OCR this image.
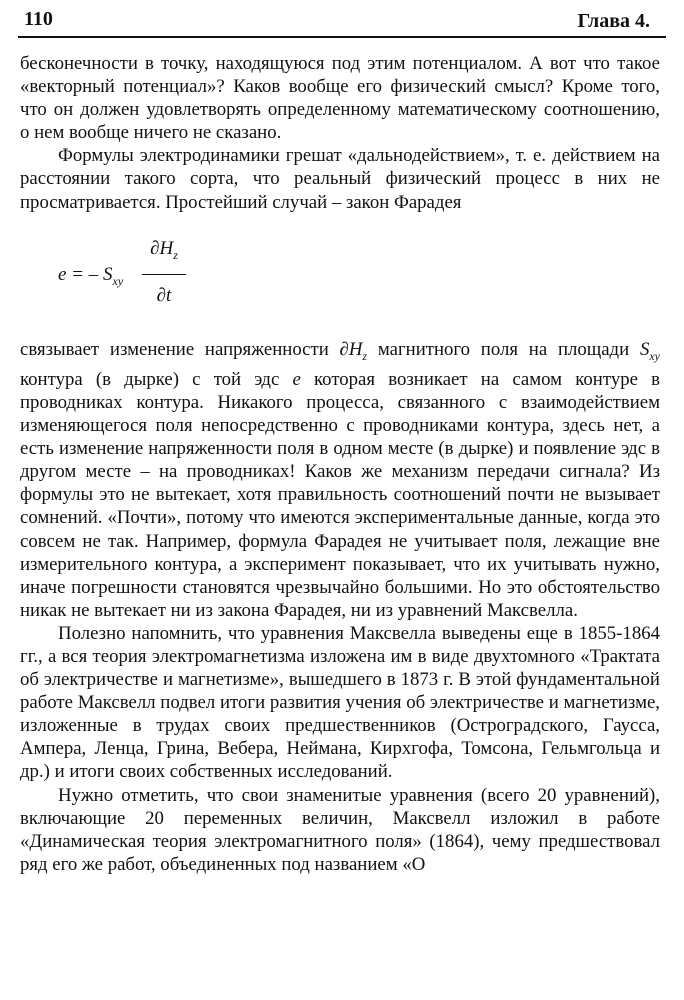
110	Глава 4.

бесконечности в точку, находящуюся под этим потенциалом. А вот что такое «векторный потенциал»? Каков вообще его физический смысл? Кроме того, что он должен удовлетворять определенному математическому соотношению, о нем вообще ничего не сказано.

Формулы электродинамики грешат «дальнодействием», т. е. действием на расстоянии такого сорта, что реальный физический процесс в них не просматривается. Простейший случай – закон Фарадея

e = – $S_{xy}$
$\partial H_z$
∂t

связывает изменение напряженности $\partial H_z$ магнитного поля на площади $S_{xy}$ контура (в дырке) с той эдс e которая возникает на самом контуре в проводниках контура. Никакого процесса, связанного с взаимодействием изменяющегося поля непосредственно с проводниками контура, здесь нет, а есть изменение напряженности поля в одном месте (в дырке) и появление эдс в другом месте – на проводниках! Каков же механизм передачи сигнала? Из формулы это не вытекает, хотя правильность соотношений почти не вызывает сомнений. «Почти», потому что имеются экспериментальные данные, когда это совсем не так. Например, формула Фарадея не учитывает поля, лежащие вне измерительного контура, а эксперимент показывает, что их учитывать нужно, иначе погрешности становятся чрезвычайно большими. Но это обстоятельство никак не вытекает ни из закона Фарадея, ни из уравнений Максвелла.

Полезно напомнить, что уравнения Максвелла выведены еще в 1855-1864 гг., а вся теория электромагнетизма изложена им в виде двухтомного «Трактата об электричестве и магнетизме», вышедшего в 1873 г. В этой фундаментальной работе Максвелл подвел итоги развития учения об электричестве и магнетизме, изложенные в трудах своих предшественников (Остроградского, Гаусса, Ампера, Ленца, Грина, Вебера, Неймана, Кирхгофа, Томсона, Гельмгольца и др.) и итоги своих собственных исследований.

Нужно отметить, что свои знаменитые уравнения (всего 20 уравнений), включающие 20 переменных величин, Максвелл изложил в работе «Динамическая теория электромагнитного поля» (1864), чему предшествовал ряд его же работ, объединенных под названием «О
